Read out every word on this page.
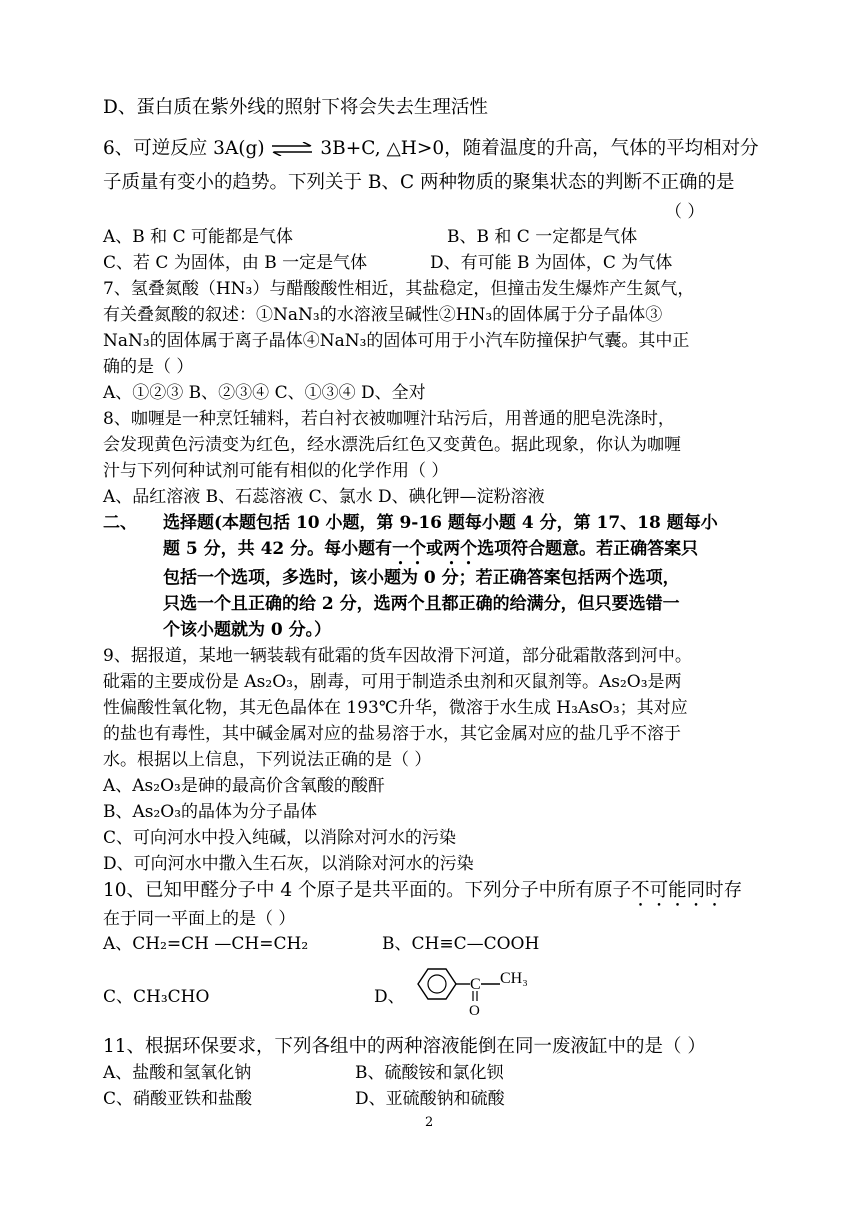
D、蛋白质在紫外线的照射下将会失去生理活性
6、可逆反应 3A(g) ⇌ 3B+C, △H>0，随着温度的升高，气体的平均相对分
子质量有变小的趋势。下列关于 B、C 两种物质的聚集状态的判断不正确的是
（ ）
A、B 和 C 可能都是气体	B、B 和 C 一定都是气体
C、若 C 为固体，由 B 一定是气体	D、有可能 B 为固体，C 为气体
7、氢叠氮酸（HN₃）与醋酸酸性相近，其盐稳定，但撞击发生爆炸产生氮气，
有关叠氮酸的叙述：①NaN₃的水溶液呈碱性②HN₃的固体属于分子晶体③
NaN₃的固体属于离子晶体④NaN₃的固体可用于小汽车防撞保护气囊。其中正
确的是（ ）
A、①②③ B、②③④ C、①③④ D、全对
8、咖喱是一种烹饪辅料，若白衬衣被咖喱汁玷污后，用普通的肥皂洗涤时，
会发现黄色污渍变为红色，经水漂洗后红色又变黄色。据此现象，你认为咖喱
汁与下列何种试剂可能有相似的化学作用（ ）
A、品红溶液 B、石蕊溶液 C、氯水 D、碘化钾—淀粉溶液
二、 选择题(本题包括 10 小题，第 9-16 题每小题 4 分，第 17、18 题每小
题 5 分，共 42 分。每小题有一个或两个选项符合题意。若正确答案只
包括一个选项，多选时，该小题为 0 分；若正确答案包括两个选项，
只选一个且正确的给 2 分，选两个且都正确的给满分，但只要选错一
个该小题就为 0 分。）
9、据报道，某地一辆装载有砒霜的货车因故滑下河道，部分砒霜散落到河中。
砒霜的主要成份是 As₂O₃，剧毒，可用于制造杀虫剂和灭鼠剂等。As₂O₃是两
性偏酸性氧化物，其无色晶体在 193℃升华，微溶于水生成 H₃AsO₃；其对应
的盐也有毒性，其中碱金属对应的盐易溶于水，其它金属对应的盐几乎不溶于
水。根据以上信息，下列说法正确的是（ ）
A、As₂O₃是砷的最高价含氧酸的酸酐
B、As₂O₃的晶体为分子晶体
C、可向河水中投入纯碱，以消除对河水的污染
D、可向河水中撒入生石灰，以消除对河水的污染
10、已知甲醛分子中 4 个原子是共平面的。下列分子中所有原子不可能同时存
在于同一平面上的是（ ）
A、CH₂=CH —CH=CH₂	B、CH≡C—COOH
C、CH₃CHO	D、
C CH₃
O
11、根据环保要求，下列各组中的两种溶液能倒在同一废液缸中的是（ ）
A、盐酸和氢氧化钠	B、硫酸铵和氯化钡
C、硝酸亚铁和盐酸	D、亚硫酸钠和硫酸
2
